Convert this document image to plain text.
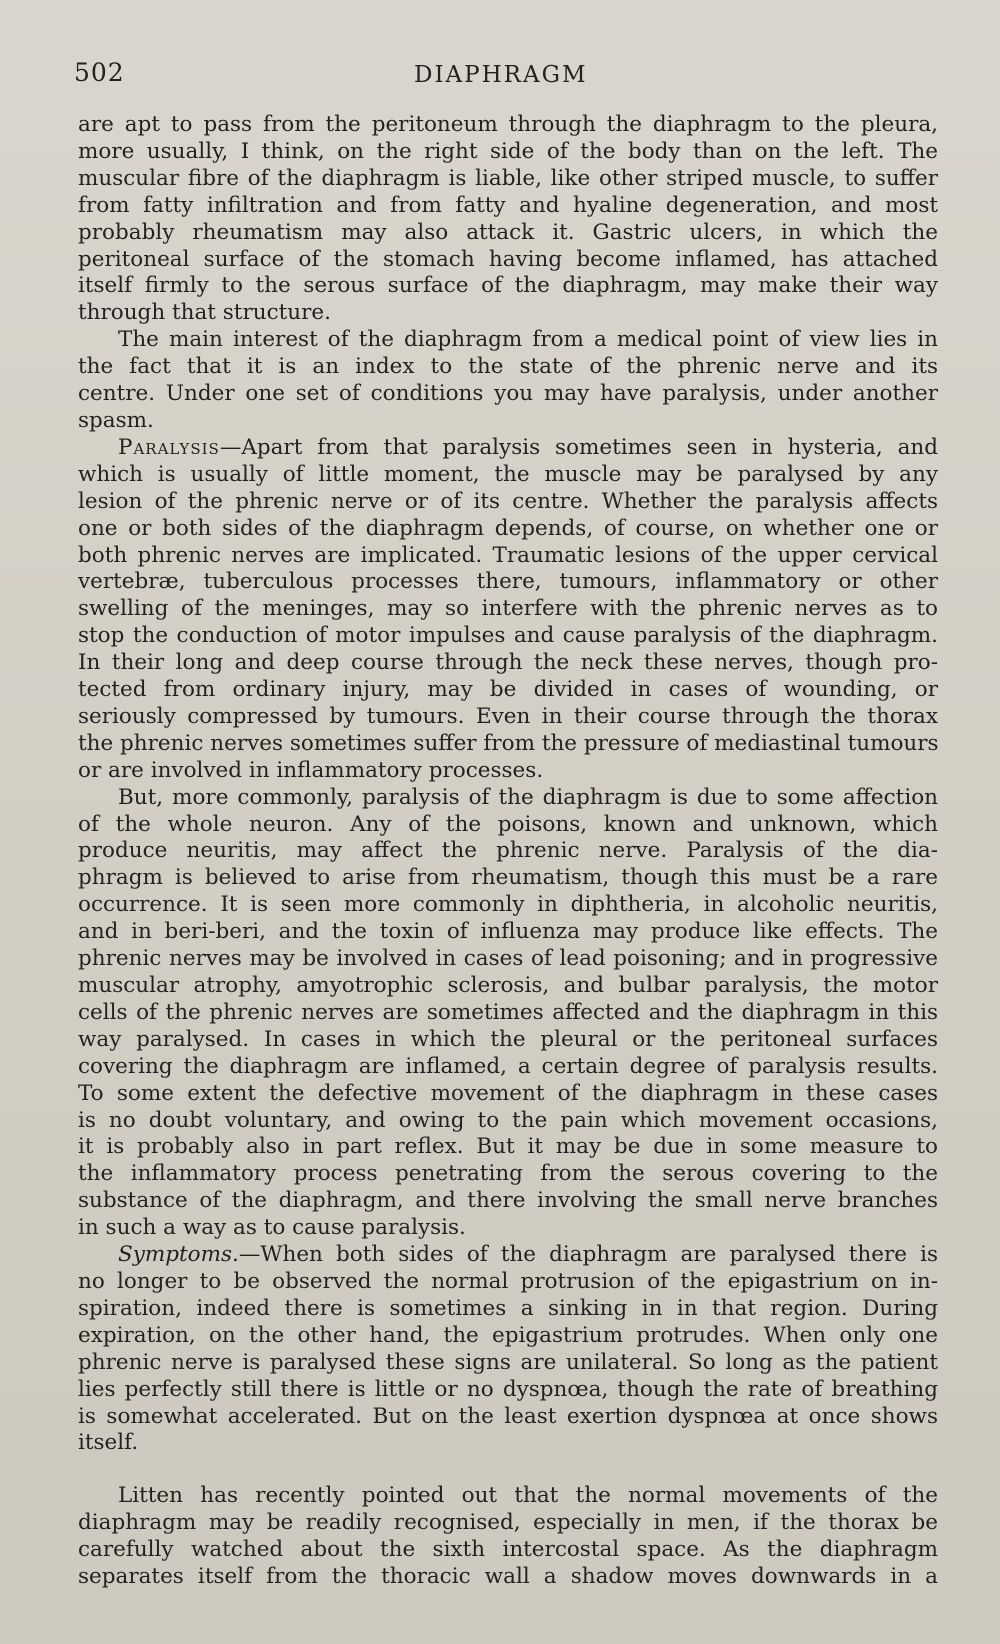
502	DIAPHRAGM
are apt to pass from the peritoneum through the diaphragm to the pleura,
more usually, I think, on the right side of the body than on the left. The
muscular fibre of the diaphragm is liable, like other striped muscle, to suffer
from fatty infiltration and from fatty and hyaline degeneration, and most
probably rheumatism may also attack it. Gastric ulcers, in which the
peritoneal surface of the stomach having become inflamed, has attached
itself firmly to the serous surface of the diaphragm, may make their way
through that structure.
The main interest of the diaphragm from a medical point of view lies in
the fact that it is an index to the state of the phrenic nerve and its
centre. Under one set of conditions you may have paralysis, under another
spasm.
Paralysis—Apart from that paralysis sometimes seen in hysteria, and
which is usually of little moment, the muscle may be paralysed by any
lesion of the phrenic nerve or of its centre. Whether the paralysis affects
one or both sides of the diaphragm depends, of course, on whether one or
both phrenic nerves are implicated. Traumatic lesions of the upper cervical
vertebræ, tuberculous processes there, tumours, inflammatory or other
swelling of the meninges, may so interfere with the phrenic nerves as to
stop the conduction of motor impulses and cause paralysis of the diaphragm.
In their long and deep course through the neck these nerves, though pro-
tected from ordinary injury, may be divided in cases of wounding, or
seriously compressed by tumours. Even in their course through the thorax
the phrenic nerves sometimes suffer from the pressure of mediastinal tumours
or are involved in inflammatory processes.
But, more commonly, paralysis of the diaphragm is due to some affection
of the whole neuron. Any of the poisons, known and unknown, which
produce neuritis, may affect the phrenic nerve. Paralysis of the dia-
phragm is believed to arise from rheumatism, though this must be a rare
occurrence. It is seen more commonly in diphtheria, in alcoholic neuritis,
and in beri-beri, and the toxin of influenza may produce like effects. The
phrenic nerves may be involved in cases of lead poisoning; and in progressive
muscular atrophy, amyotrophic sclerosis, and bulbar paralysis, the motor
cells of the phrenic nerves are sometimes affected and the diaphragm in this
way paralysed. In cases in which the pleural or the peritoneal surfaces
covering the diaphragm are inflamed, a certain degree of paralysis results.
To some extent the defective movement of the diaphragm in these cases
is no doubt voluntary, and owing to the pain which movement occasions,
it is probably also in part reflex. But it may be due in some measure to
the inflammatory process penetrating from the serous covering to the
substance of the diaphragm, and there involving the small nerve branches
in such a way as to cause paralysis.
Symptoms.—When both sides of the diaphragm are paralysed there is
no longer to be observed the normal protrusion of the epigastrium on in-
spiration, indeed there is sometimes a sinking in in that region. During
expiration, on the other hand, the epigastrium protrudes. When only one
phrenic nerve is paralysed these signs are unilateral. So long as the patient
lies perfectly still there is little or no dyspnœa, though the rate of breathing
is somewhat accelerated. But on the least exertion dyspnœa at once shows
itself.
Litten has recently pointed out that the normal movements of the
diaphragm may be readily recognised, especially in men, if the thorax be
carefully watched about the sixth intercostal space. As the diaphragm
separates itself from the thoracic wall a shadow moves downwards in a
